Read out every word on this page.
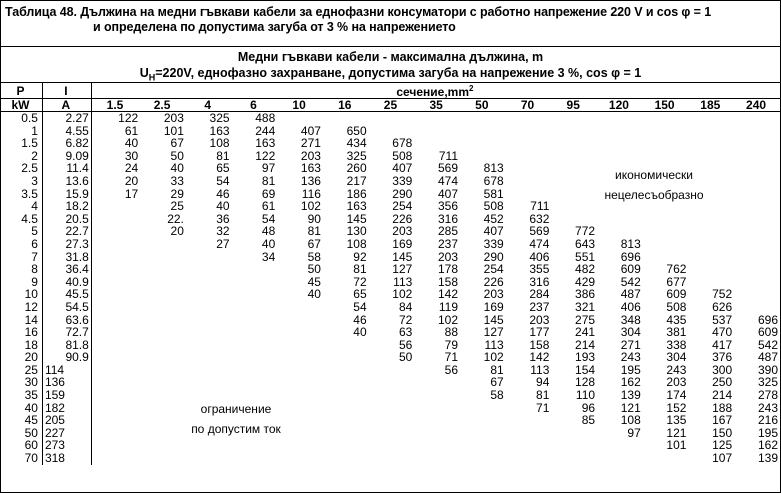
Таблица 48. Дължина на медни гъвкави кабели за еднофазни консуматори с работно напрежение 220 V и cos φ = 1
и определена по допустима загуба от 3 % на напрежението
Медни гъвкави кабели - максимална дължина, m
$U_H=220V$, еднофазно захранване, допустима загуба на напрежение 3 %, cos φ = 1
P	I	$сечение,mm^2$
kW	A	1.5	2.5	4	6	10	16	25	35	50	70	95	120	150	185	240
0.5	2.27	122	203	325	488											
1	4.55	61	101	163	244	407	650									
1.5	6.82	40	67	108	163	271	434	678								
2	9.09	30	50	81	122	203	325	508	711							
2.5	11.4	24	40	65	97	163	260	407	569	813						
3	13.6	20	33	54	81	136	217	339	474	678						
3.5	15.9	17	29	46	69	116	186	290	407	581						
4	18.2		25	40	61	102	163	254	356	508	711					
4.5	20.5		22.	36	54	90	145	226	316	452	632					
5	22.7		20	32	48	81	130	203	285	407	569	772				
6	27.3			27	40	67	108	169	237	339	474	643	813			
7	31.8				34	58	92	145	203	290	406	551	696			
8	36.4					50	81	127	178	254	355	482	609	762		
9	40.9					45	72	113	158	226	316	429	542	677		
10	45.5					40	65	102	142	203	284	386	487	609	752	
12	54.5						54	84	119	169	237	321	406	508	626	
14	63.6						46	72	102	145	203	275	348	435	537	696
16	72.7						40	63	88	127	177	241	304	381	470	609
18	81.8							56	79	113	158	214	271	338	417	542
20	90.9							50	71	102	142	193	243	304	376	487
25	114								56	81	113	154	195	243	300	390
30	136									67	94	128	162	203	250	325
35	159									58	81	110	139	174	214	278
40	182										71	96	121	152	188	243
45	205											85	108	135	167	216
50	227												97	121	150	195
60	273													101	125	162
70	318														107	139
икономически
нецелесъобразно
ограничение
по допустим ток
